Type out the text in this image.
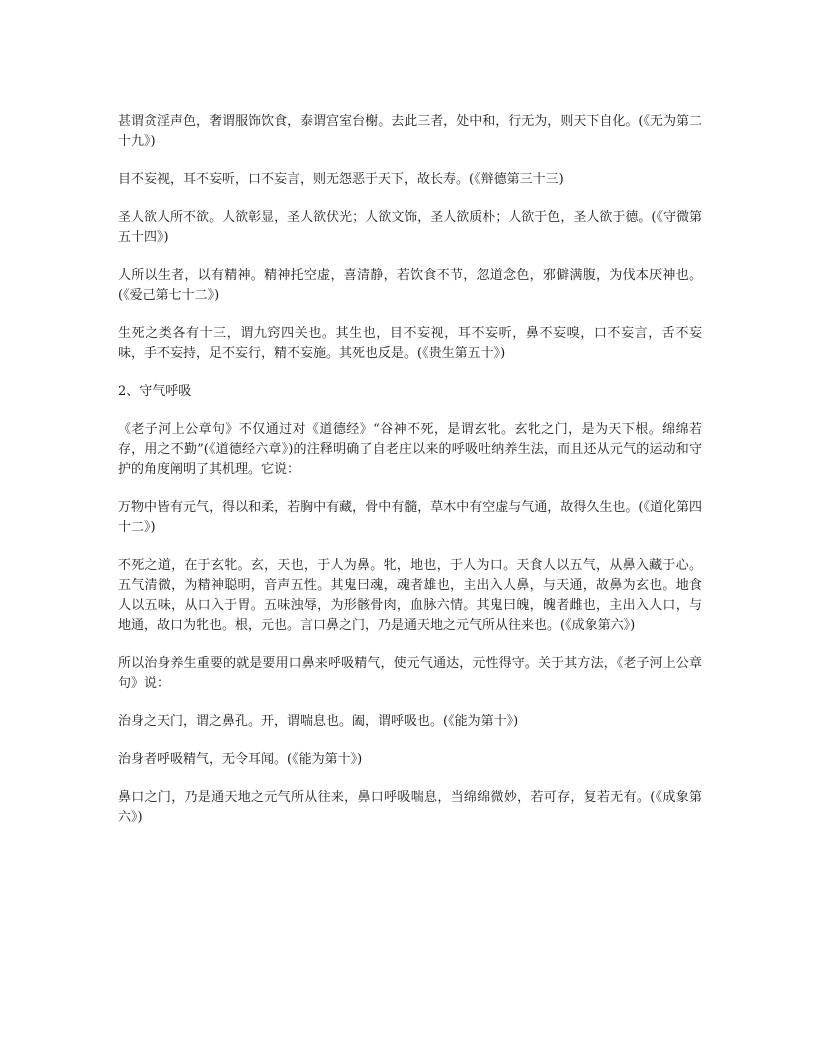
甚谓贪淫声色，奢谓服饰饮食，泰谓宫室台榭。去此三者，处中和，行无为，则天下自化。(《无为第二十九》)

目不妄视，耳不妄听，口不妄言，则无怨恶于天下，故长寿。(《辩德第三十三)

圣人欲人所不欲。人欲彰显，圣人欲伏光；人欲文饰，圣人欲质朴；人欲于色，圣人欲于德。(《守微第五十四》)

人所以生者，以有精神。精神托空虚，喜清静，若饮食不节，忽道念色，邪僻满腹，为伐本厌神也。(《爱己第七十二》)

生死之类各有十三，谓九窍四关也。其生也，目不妄视，耳不妄听，鼻不妄嗅，口不妄言，舌不妄味，手不妄持，足不妄行，精不妄施。其死也反是。(《贵生第五十》)

2、守气呼吸

《老子河上公章句》不仅通过对《道德经》“谷神不死，是谓玄牝。玄牝之门，是为天下根。绵绵若存，用之不勤”(《道德经六章》)的注释明确了自老庄以来的呼吸吐纳养生法，而且还从元气的运动和守护的角度阐明了其机理。它说：

万物中皆有元气，得以和柔，若胸中有藏，骨中有髓，草木中有空虚与气通，故得久生也。(《道化第四十二》)

不死之道，在于玄牝。玄，天也，于人为鼻。牝，地也，于人为口。天食人以五气，从鼻入藏于心。五气清微，为精神聪明，音声五性。其鬼曰魂，魂者雄也，主出入人鼻，与天通，故鼻为玄也。地食人以五味，从口入于胃。五味浊辱，为形骸骨肉，血脉六情。其鬼曰魄，魄者雌也，主出入人口，与地通，故口为牝也。根，元也。言口鼻之门，乃是通天地之元气所从往来也。(《成象第六》)

所以治身养生重要的就是要用口鼻来呼吸精气，使元气通达，元性得守。关于其方法，《老子河上公章句》说：

治身之天门，谓之鼻孔。开，谓喘息也。阖，谓呼吸也。(《能为第十》)

治身者呼吸精气，无令耳闻。(《能为第十》)

鼻口之门，乃是通天地之元气所从往来，鼻口呼吸喘息，当绵绵微妙，若可存，复若无有。(《成象第六》)
